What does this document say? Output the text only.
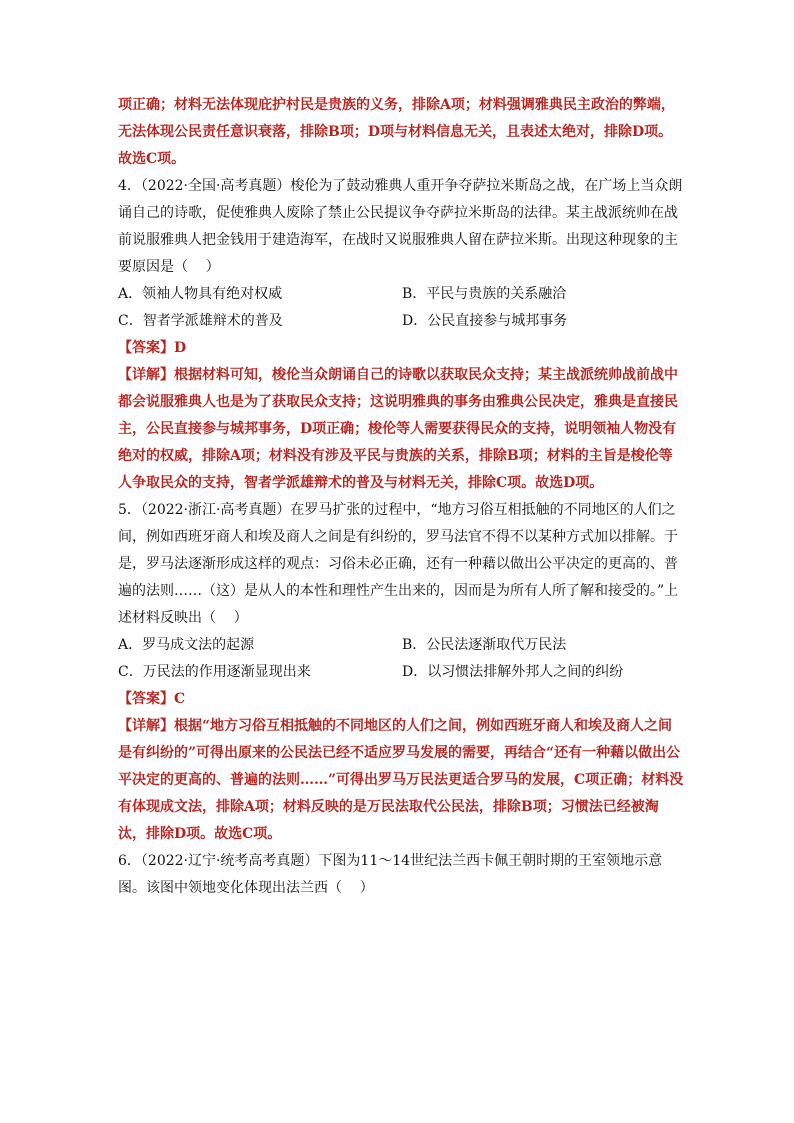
项正确；材料无法体现庇护村民是贵族的义务，排除A项；材料强调雅典民主政治的弊端，无法体现公民责任意识衰落，排除B项；D项与材料信息无关，且表述太绝对，排除D项。故选C项。

4．（2022·全国·高考真题）梭伦为了鼓动雅典人重开争夺萨拉米斯岛之战，在广场上当众朗诵自己的诗歌，促使雅典人废除了禁止公民提议争夺萨拉米斯岛的法律。某主战派统帅在战前说服雅典人把金钱用于建造海军，在战时又说服雅典人留在萨拉米斯。出现这种现象的主要原因是（    ）

A．领袖人物具有绝对权威	B．平民与贵族的关系融洽
C．智者学派雄辩术的普及	D．公民直接参与城邦事务

【答案】D

【详解】根据材料可知，梭伦当众朗诵自己的诗歌以获取民众支持；某主战派统帅战前战中都会说服雅典人也是为了获取民众支持；这说明雅典的事务由雅典公民决定，雅典是直接民主，公民直接参与城邦事务，D项正确；梭伦等人需要获得民众的支持，说明领袖人物没有绝对的权威，排除A项；材料没有涉及平民与贵族的关系，排除B项；材料的主旨是梭伦等人争取民众的支持，智者学派雄辩术的普及与材料无关，排除C项。故选D项。

5．（2022·浙江·高考真题）在罗马扩张的过程中，“地方习俗互相抵触的不同地区的人们之间，例如西班牙商人和埃及商人之间是有纠纷的，罗马法官不得不以某种方式加以排解。于是，罗马法逐渐形成这样的观点：习俗未必正确，还有一种藉以做出公平决定的更高的、普遍的法则……（这）是从人的本性和理性产生出来的，因而是为所有人所了解和接受的。”上述材料反映出（    ）

A．罗马成文法的起源	B．公民法逐渐取代万民法
C．万民法的作用逐渐显现出来	D．以习惯法排解外邦人之间的纠纷

【答案】C

【详解】根据“地方习俗互相抵触的不同地区的人们之间，例如西班牙商人和埃及商人之间是有纠纷的”可得出原来的公民法已经不适应罗马发展的需要，再结合“还有一种藉以做出公平决定的更高的、普遍的法则……”可得出罗马万民法更适合罗马的发展，C项正确；材料没有体现成文法，排除A项；材料反映的是万民法取代公民法，排除B项；习惯法已经被淘汰，排除D项。故选C项。

6．（2022·辽宁·统考高考真题）下图为11～14世纪法兰西卡佩王朝时期的王室领地示意图。该图中领地变化体现出法兰西（    ）
